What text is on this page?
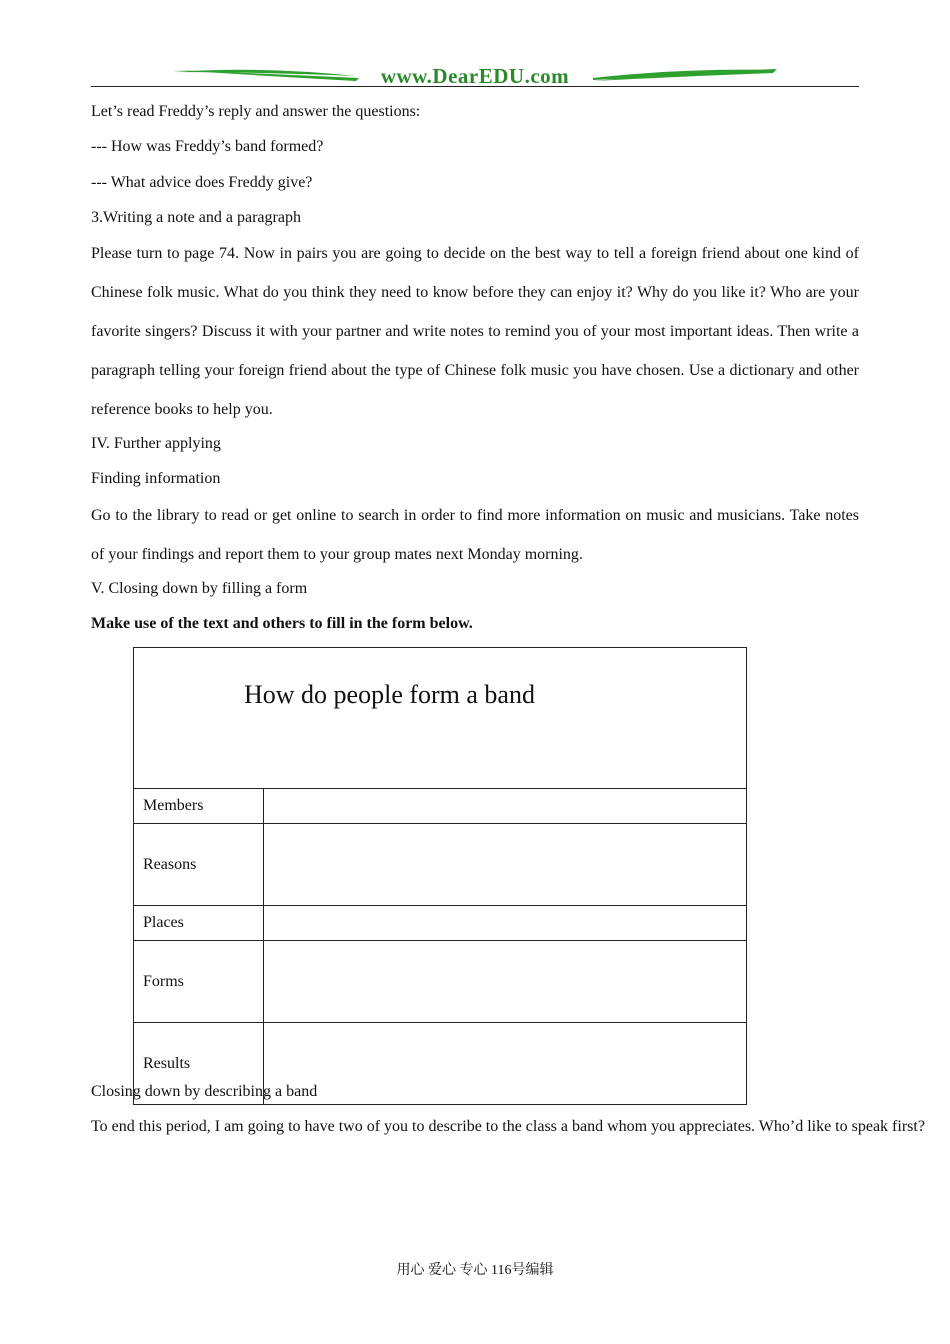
www.DearEDU.com
Let’s read Freddy’s reply and answer the questions:
--- How was Freddy’s band formed?
--- What advice does Freddy give?
3.Writing a note and a paragraph
Please turn to page 74. Now in pairs you are going to decide on the best way to tell a foreign friend about one kind of Chinese folk music. What do you think they need to know before they can enjoy it? Why do you like it? Who are your favorite singers? Discuss it with your partner and write notes to remind you of your most important ideas. Then write a paragraph telling your foreign friend about the type of Chinese folk music you have chosen. Use a dictionary and other reference books to help you.
IV. Further applying
Finding information
Go to the library to read or get online to search in order to find more information on music and musicians. Take notes of your findings and report them to your group mates next Monday morning.
V. Closing down by filling a form
Make use of the text and others to fill in the form below.
How do people form a band	
Members	
Reasons	
Places	
Forms	
Results	
Closing down by describing a band
To end this period, I am going to have two of you to describe to the class a band whom you appreciates. Who’d like to speak first?
用心 爱心 专心 116号编辑
